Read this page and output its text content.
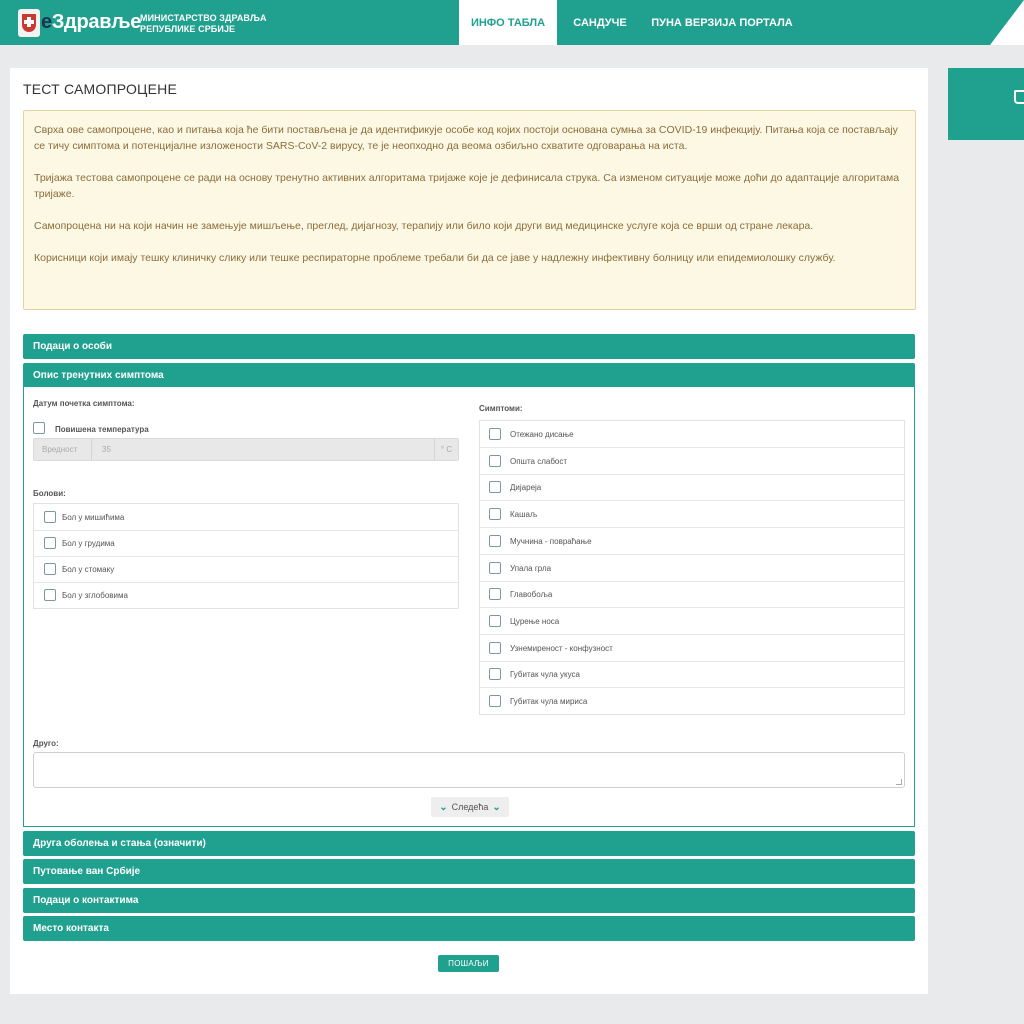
eЗдравље
МИНИСТАРСТВО ЗДРАВЉА
РЕПУБЛИКЕ СРБИЈЕ
ИНФО ТАБЛА	САНДУЧЕ	ПУНА ВЕРЗИЈА ПОРТАЛА
ТЕСТ САМОПРОЦЕНЕ

Сврха ове самопроцене, као и питања која ће бити постављена је да идентификује особе код којих постоји основана сумња за COVID-19 инфекцију. Питања која се постављају се тичу симптома и потенцијалне изложености SARS-CoV-2 вирусу, те је неопходно да веома озбиљно схватите одговарања на иста.

Тријажа тестова самопроцене се ради на основу тренутно активних алгоритама тријаже које је дефинисала струка. Са изменом ситуације може доћи до адаптације алгоритама тријаже.

Самопроцена ни на који начин не замењује мишљење, преглед, дијагнозу, терапију или било који други вид медицинске услуге која се врши од стране лекара.

Корисници који имају тешку клиничку слику или тешке респираторне проблеме требали би да се јаве у надлежну инфективну болницу или епидемиолошку службу.

Подаци о особи
Опис тренутних симптома
Датум почетка симптома:
Повишена температура
Вредност	35	° C
Болови:
Бол у мишићима
Бол у грудима
Бол у стомаку
Бол у зглобовима
Симптоми:
Отежано дисање
Општа слабост
Дијареја
Кашаљ
Мучнина - повраћање
Упала грла
Главобоља
Цурење носа
Узнемиреност - конфузност
Губитак чула укуса
Губитак чула мириса
Друго:
⌄ Следећа ⌄
Друга оболења и стања (означити)
Путовање ван Србије
Подаци о контактима
Место контакта
ПОШАЉИ
